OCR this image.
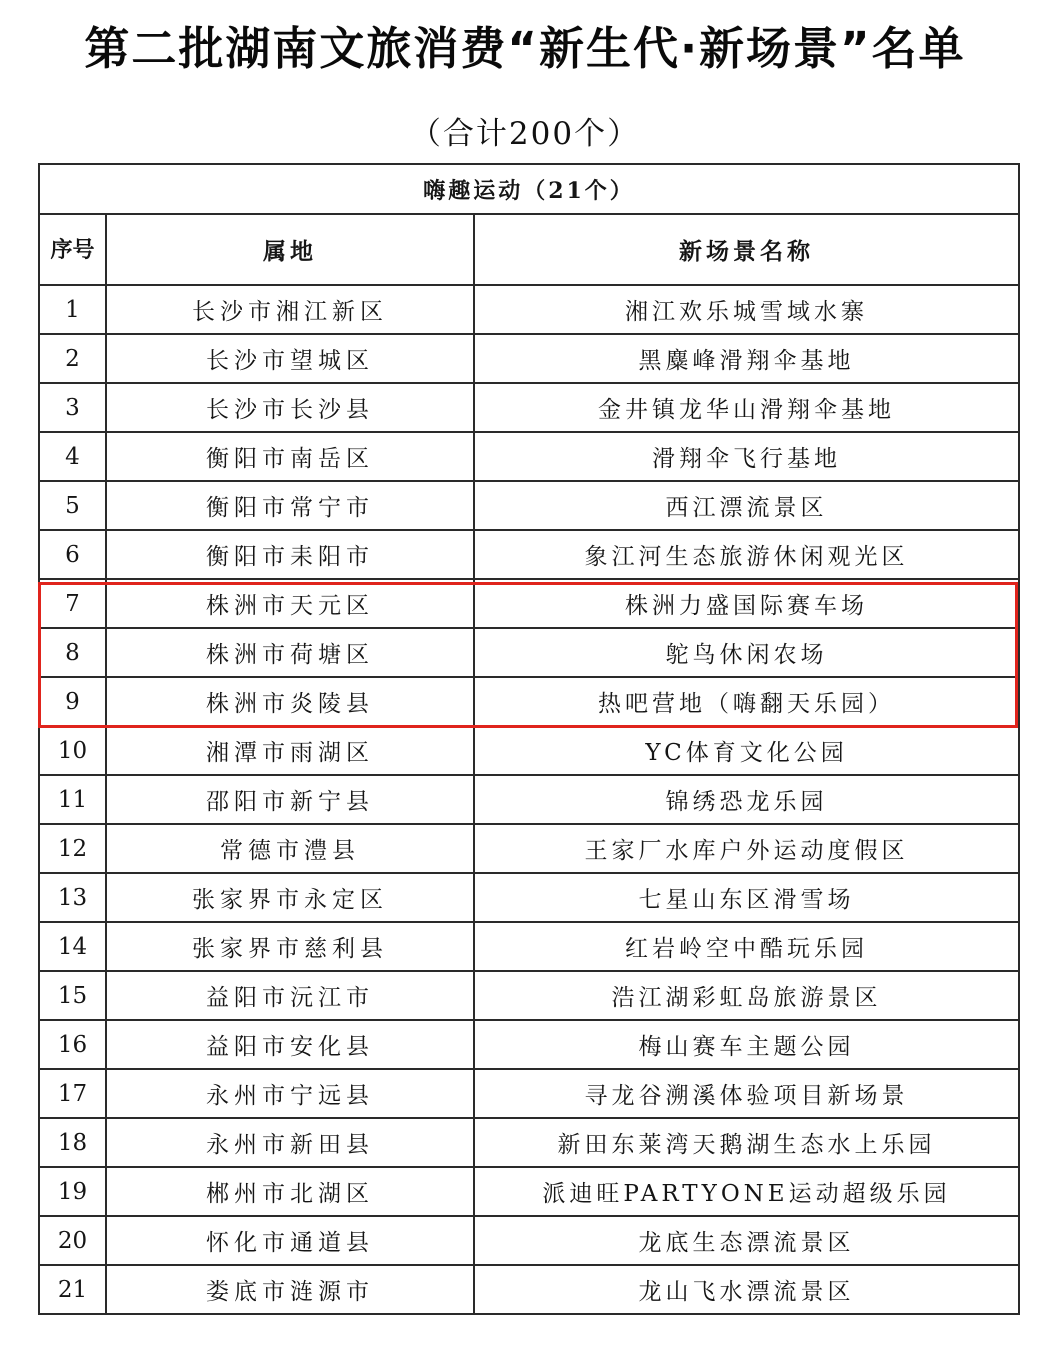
第二批湖南文旅消费“新生代·新场景”名单
（合计200个）
嗨趣运动（21个）		
序号	属地	新场景名称
1	长沙市湘江新区	湘江欢乐城雪域水寨
2	长沙市望城区	黑麋峰滑翔伞基地
3	长沙市长沙县	金井镇龙华山滑翔伞基地
4	衡阳市南岳区	滑翔伞飞行基地
5	衡阳市常宁市	西江漂流景区
6	衡阳市耒阳市	象江河生态旅游休闲观光区
7	株洲市天元区	株洲力盛国际赛车场
8	株洲市荷塘区	鸵鸟休闲农场
9	株洲市炎陵县	热吧营地（嗨翻天乐园）
10	湘潭市雨湖区	YC体育文化公园
11	邵阳市新宁县	锦绣恐龙乐园
12	常德市澧县	王家厂水库户外运动度假区
13	张家界市永定区	七星山东区滑雪场
14	张家界市慈利县	红岩岭空中酷玩乐园
15	益阳市沅江市	浩江湖彩虹岛旅游景区
16	益阳市安化县	梅山赛车主题公园
17	永州市宁远县	寻龙谷溯溪体验项目新场景
18	永州市新田县	新田东莱湾天鹅湖生态水上乐园
19	郴州市北湖区	派迪旺PARTYONE运动超级乐园
20	怀化市通道县	龙底生态漂流景区
21	娄底市涟源市	龙山飞水漂流景区
